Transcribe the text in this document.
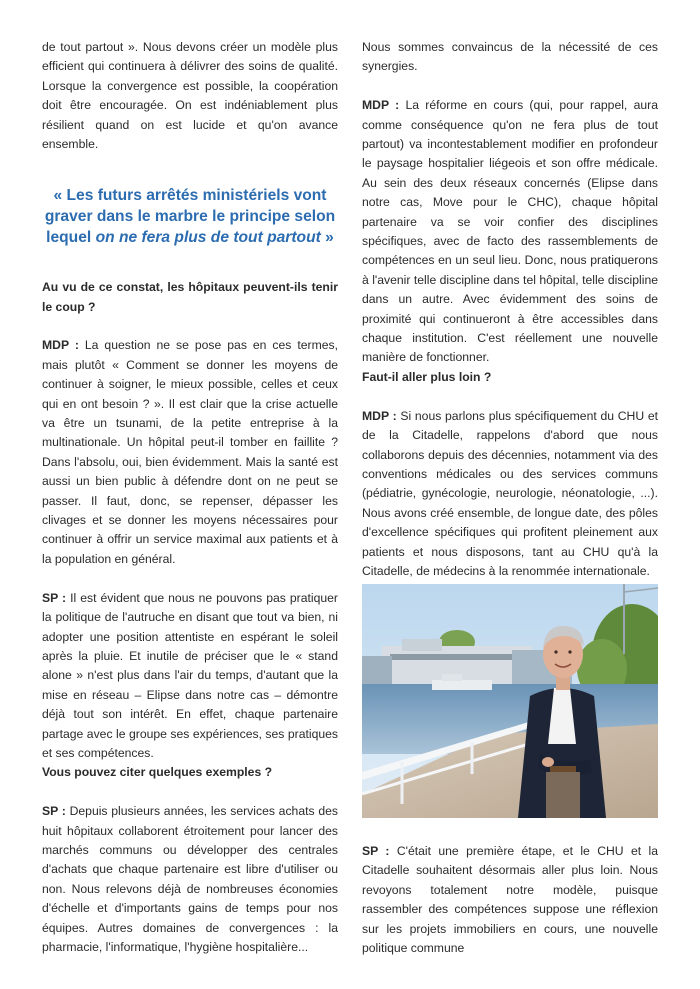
de tout partout ». Nous devons créer un modèle plus efficient qui continuera à délivrer des soins de qualité. Lorsque la convergence est possible, la coopération doit être encouragée. On est indéniablement plus résilient quand on est lucide et qu'on avance ensemble.

« Les futurs arrêtés ministériels vont graver dans le marbre le principe selon lequel on ne fera plus de tout partout »

Au vu de ce constat, les hôpitaux peuvent-ils tenir le coup ?

MDP : La question ne se pose pas en ces termes, mais plutôt « Comment se donner les moyens de continuer à soigner, le mieux possible, celles et ceux qui en ont besoin ? ». Il est clair que la crise actuelle va être un tsunami, de la petite entreprise à la multinationale. Un hôpital peut-il tomber en faillite ? Dans l'absolu, oui, bien évidemment. Mais la santé est aussi un bien public à défendre dont on ne peut se passer. Il faut, donc, se repenser, dépasser les clivages et se donner les moyens nécessaires pour continuer à offrir un service maximal aux patients et à la population en général.

SP : Il est évident que nous ne pouvons pas pratiquer la politique de l'autruche en disant que tout va bien, ni adopter une position attentiste en espérant le soleil après la pluie. Et inutile de préciser que le « stand alone » n'est plus dans l'air du temps, d'autant que la mise en réseau – Elipse dans notre cas – démontre déjà tout son intérêt. En effet, chaque partenaire partage avec le groupe ses expériences, ses pratiques et ses compétences.

Vous pouvez citer quelques exemples ?

SP : Depuis plusieurs années, les services achats des huit hôpitaux collaborent étroitement pour lancer des marchés communs ou développer des centrales d'achats que chaque partenaire est libre d'utiliser ou non. Nous relevons déjà de nombreuses économies d'échelle et d'importants gains de temps pour nos équipes. Autres domaines de convergences : la pharmacie, l'informatique, l'hygiène hospitalière...

Nous sommes convaincus de la nécessité de ces synergies.

MDP : La réforme en cours (qui, pour rappel, aura comme conséquence qu'on ne fera plus de tout partout) va incontestablement modifier en profondeur le paysage hospitalier liégeois et son offre médicale. Au sein des deux réseaux concernés (Elipse dans notre cas, Move pour le CHC), chaque hôpital partenaire va se voir confier des disciplines spécifiques, avec de facto des rassemblements de compétences en un seul lieu. Donc, nous pratiquerons à l'avenir telle discipline dans tel hôpital, telle discipline dans un autre. Avec évidemment des soins de proximité qui continueront à être accessibles dans chaque institution. C'est réellement une nouvelle manière de fonctionner.

Faut-il aller plus loin ?

MDP : Si nous parlons plus spécifiquement du CHU et de la Citadelle, rappelons d'abord que nous collaborons depuis des décennies, notamment via des conventions médicales ou des services communs (pédiatrie, gynécologie, neurologie, néonatologie, ...). Nous avons créé ensemble, de longue date, des pôles d'excellence spécifiques qui profitent pleinement aux patients et nous disposons, tant au CHU qu'à la Citadelle, de médecins à la renommée internationale.

SP : C'était une première étape, et le CHU et la Citadelle souhaitent désormais aller plus loin. Nous revoyons totalement notre modèle, puisque rassembler des compétences suppose une réflexion sur les projets immobiliers en cours, une nouvelle politique commune
